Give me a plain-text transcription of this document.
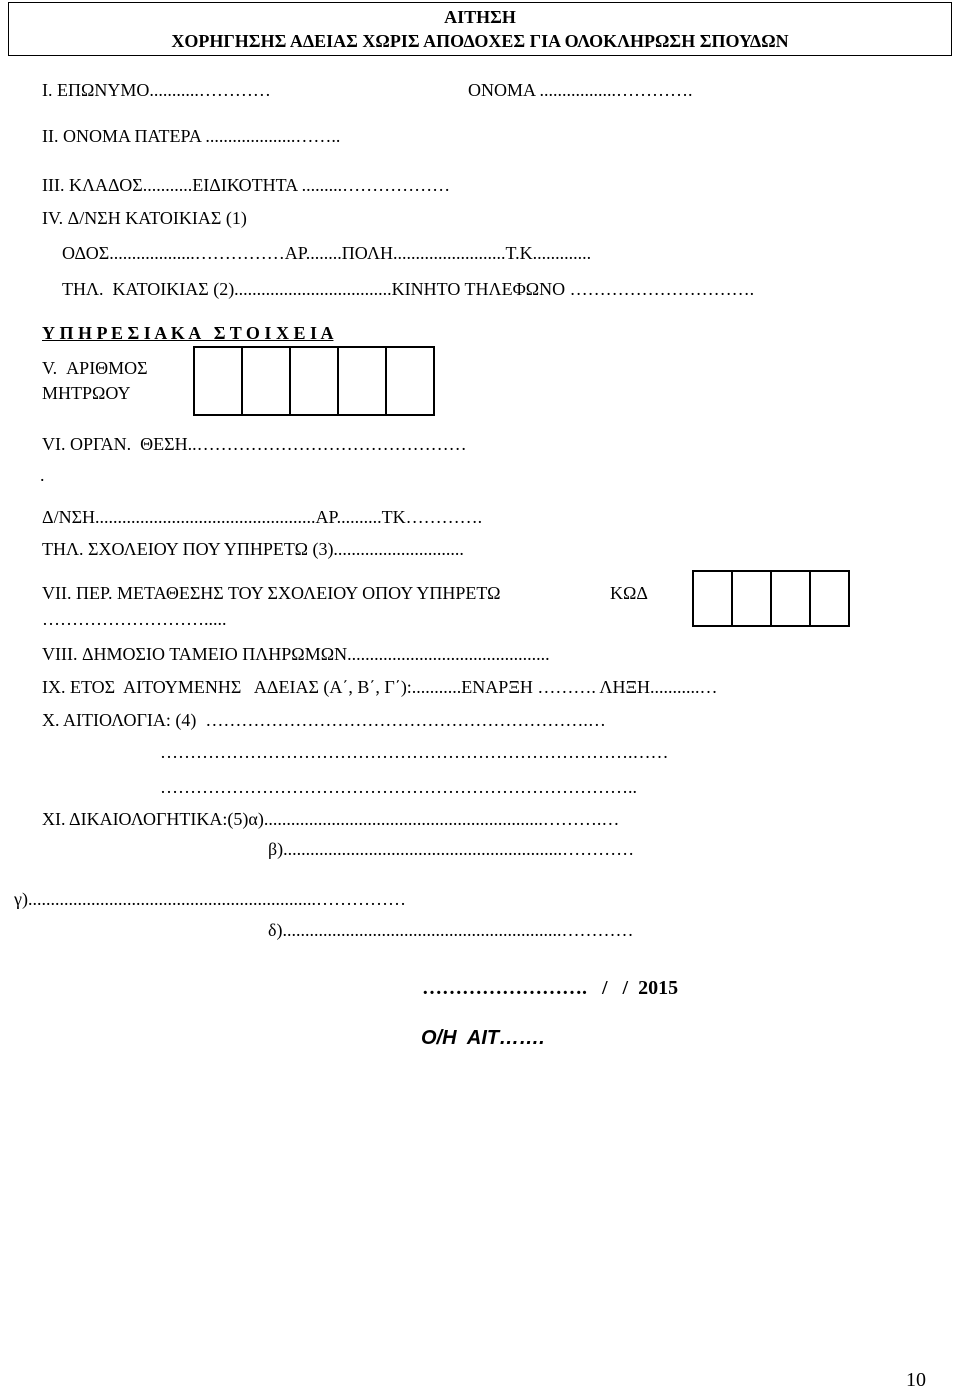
ΑΙΤΗΣΗ
ΧΟΡΗΓΗΣΗΣ ΑΔΕΙΑΣ ΧΩΡΙΣ ΑΠΟΔΟΧΕΣ ΓΙΑ ΟΛΟΚΛΗΡΩΣΗ ΣΠΟΥΔΩΝ
Ι. ΕΠΩΝΥΜΟ...........…………	ΟΝΟΜΑ .................………….
ΙΙ. ΟΝΟΜΑ ΠΑΤΕΡΑ ....................……..
ΙΙΙ. ΚΛΑΔΟΣ...........ΕΙΔΙΚΟΤΗΤΑ .........………………
ΙV. Δ/ΝΣΗ ΚΑΤΟΙΚΙΑΣ (1)
ΟΔΟΣ...................……………ΑΡ........ΠΟΛΗ.........................Τ.Κ.............
ΤΗΛ.  ΚΑΤΟΙΚΙΑΣ (2)...................................ΚΙΝΗΤΟ ΤΗΛΕΦΩΝΟ ………………………….
Υ Π Η Ρ Ε Σ Ι Α Κ Α   Σ Τ Ο Ι Χ Ε Ι Α
V.  ΑΡΙΘΜΟΣ
ΜΗΤΡΩΟΥ
VI. ΟΡΓΑΝ.  ΘΕΣΗ..………………………………………
.
Δ/ΝΣΗ.................................................ΑΡ..........ΤΚ………….
ΤΗΛ. ΣΧΟΛΕΙΟΥ ΠΟΥ ΥΠΗΡΕΤΩ (3).............................
VII. ΠΕΡ. ΜΕΤΑΘΕΣΗΣ ΤΟΥ ΣΧΟΛΕΙΟΥ ΟΠΟΥ ΥΠΗΡΕΤΩ	ΚΩΔ
……………………….....
VIII. ΔΗΜΟΣΙΟ ΤΑΜΕΙΟ ΠΛΗΡΩΜΩΝ.............................................
ΙΧ. ΕΤΟΣ  ΑΙΤΟΥΜΕΝΗΣ   ΑΔΕΙΑΣ (Α΄, Β΄, Γ΄):...........ΕΝΑΡΞΗ ………. ΛΗΞΗ...........…
Χ. ΑΙΤΙΟΛΟΓΙΑ: (4)  ……………………………………………………….…
…………………………………………………………………….……
……………………………………………………………………..
ΧΙ. ΔΙΚΑΙΟΛΟΓΗΤΙΚΑ:(5)α)..............................................................……….…
β)..............................................................…………
γ)................................................................……………
δ)..............................................................…………
…………………….   /   /  2015
Ο/Η  ΑΙΤ…….
10
